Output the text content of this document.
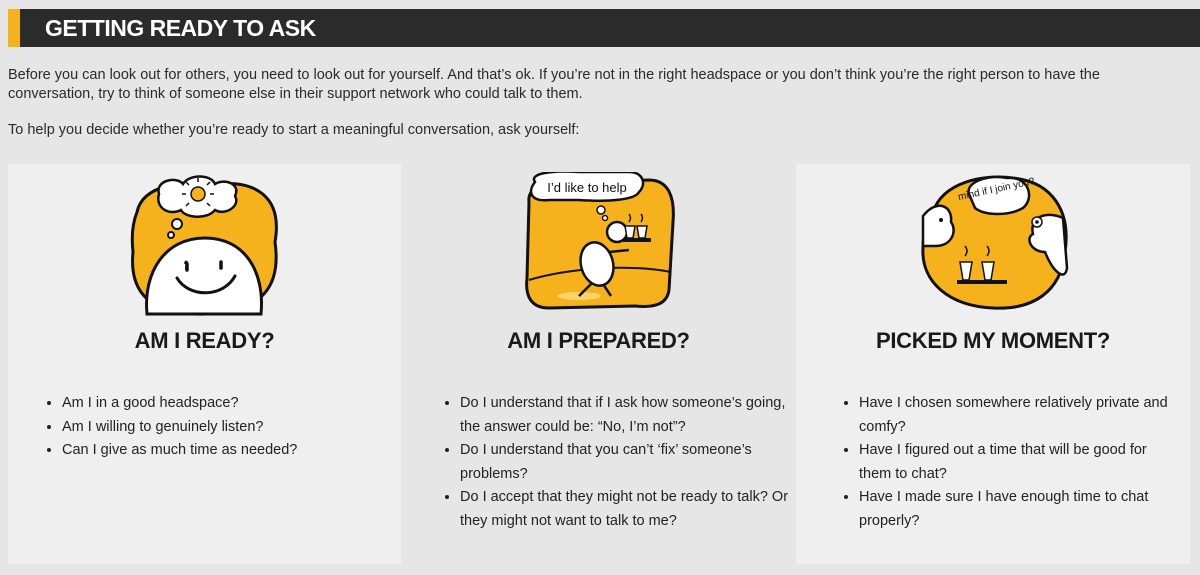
GETTING READY TO ASK

Before you can look out for others, you need to look out for yourself. And that’s ok. If you’re not in the right headspace or you don’t think you’re the right person to have the conversation, try to think of someone else in their support network who could talk to them.

To help you decide whether you’re ready to start a meaningful conversation, ask yourself:

AM I READY?
• Am I in a good headspace?
• Am I willing to genuinely listen?
• Can I give as much time as needed?
I’d like to help
AM I PREPARED?
• Do I understand that if I ask how someone’s going, the answer could be: “No, I’m not”?
• Do I understand that you can’t ‘fix’ someone’s problems?
• Do I accept that they might not be ready to talk? Or they might not want to talk to me?
mind if I join you?
PICKED MY MOMENT?
• Have I chosen somewhere relatively private and comfy?
• Have I figured out a time that will be good for them to chat?
• Have I made sure I have enough time to chat properly?
